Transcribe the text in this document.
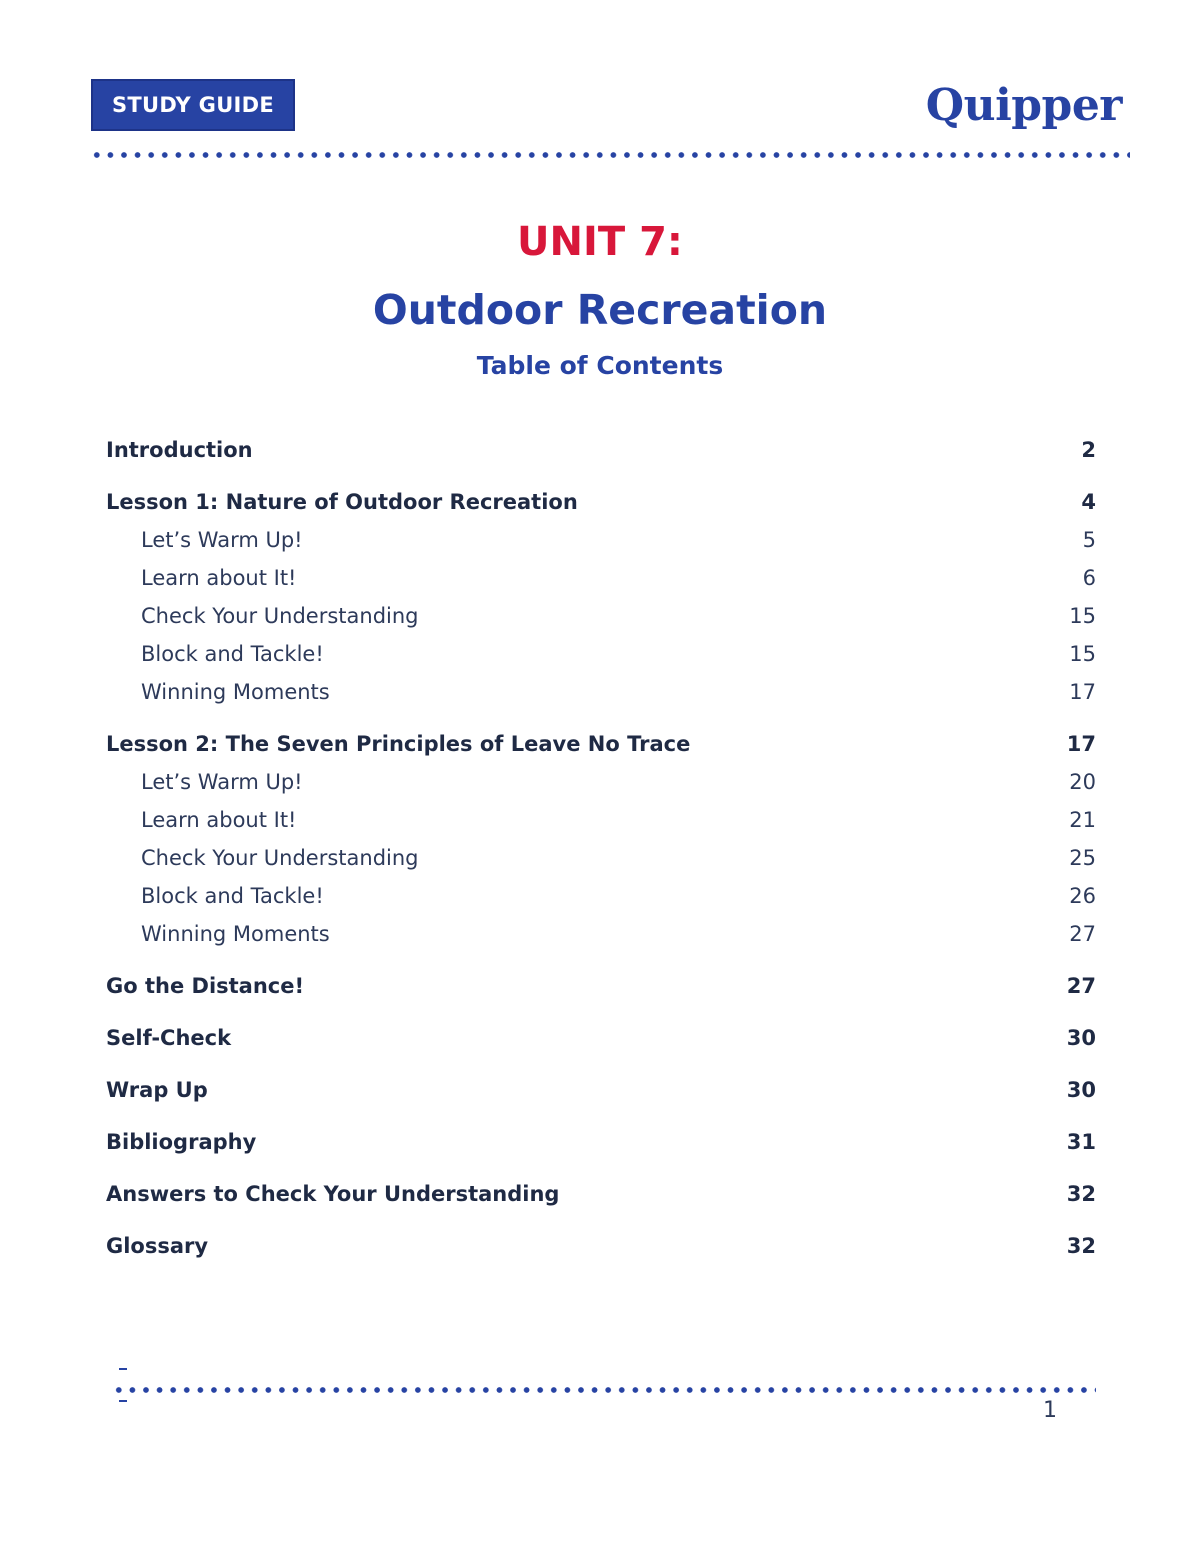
STUDY GUIDE	Quipper

UNIT 7:

Outdoor Recreation

Table of Contents

Introduction	2
Lesson 1: Nature of Outdoor Recreation	4
Let’s Warm Up!	5
Learn about It!	6
Check Your Understanding	15
Block and Tackle!	15
Winning Moments	17
Lesson 2: The Seven Principles of Leave No Trace	17
Let’s Warm Up!	20
Learn about It!	21
Check Your Understanding	25
Block and Tackle!	26
Winning Moments	27
Go the Distance!	27
Self-Check	30
Wrap Up	30
Bibliography	31
Answers to Check Your Understanding	32
Glossary	32
1
